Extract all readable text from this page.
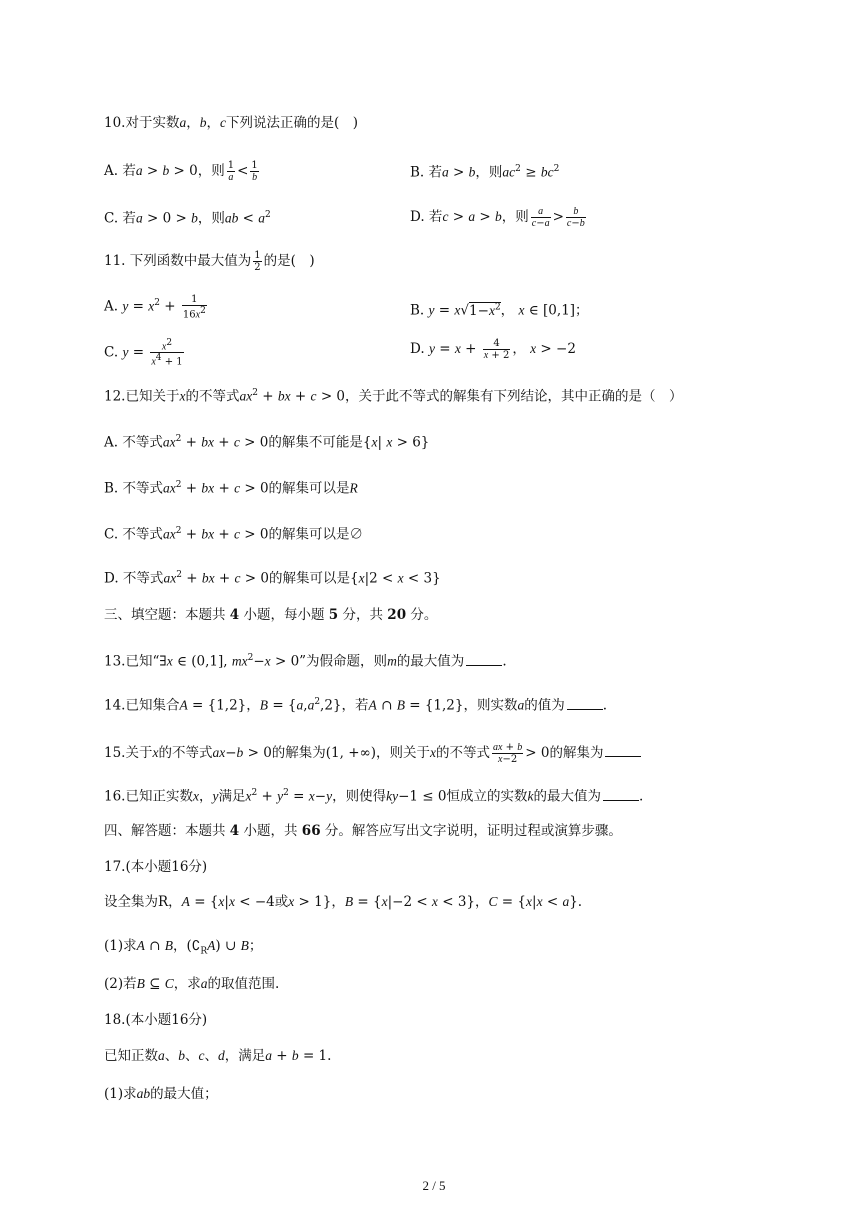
10.对于实数a，b，c下列说法正确的是(　)
A. 若a > b > 0，则 $\frac{1}{a} < \frac{1}{b}$	B. 若a > b，则$ac^2 \ge bc^2$
C. 若a > 0 > b，则ab < $a^2$	D. 若c > a > b，则 $\frac{a}{c-a} > \frac{b}{c-b}$
11. 下列函数中最大值为 $\frac{1}{2}$ 的是(　)
A. $y = x^2 + \frac{1}{16x^2}$	B. $y = x√1-x^2$， x ∈ [0,1]；
C. $y = \frac{x^2}{x^4 + 1}$	D. $y = x + \frac{4}{x + 2}$ ， x > −2
12.已知关于x的不等式$ax^2$ + bx + c > 0，关于此不等式的解集有下列结论，其中正确的是（　）
A. 不等式$ax^2$ + bx + c > 0的解集不可能是{x| x > 6}
B. 不等式$ax^2$ + bx + c > 0的解集可以是R
C. 不等式$ax^2$ + bx + c > 0的解集可以是∅
D. 不等式$ax^2$ + bx + c > 0的解集可以是{x|2 < x < 3}
三、填空题：本题共 4 小题，每小题 5 分，共 20 分。
13.已知“∃x ∈ (0,1], $mx^2-x > 0$”为假命题，则m的最大值为	.
14.已知集合A = {1,2}，$B = \{a,a^2,2\}$，若A ∩ B = {1,2}，则实数a的值为	.
15.关于x的不等式ax−b > 0的解集为(1, +∞)，则关于x的不等式 $\frac{ax + b}{x-2} > 0$的解集为
16.已知正实数x，y满足$x^2 + y^2 = x-y$，则使得ky−1 ≤ 0恒成立的实数k的最大值为	.
四、解答题：本题共 4 小题，共 66 分。解答应写出文字说明，证明过程或演算步骤。
17.(本小题16分)
设全集为R，A = {x|x < −4或x > 1}，B = {x|−2 < x < 3}，C = {x|x < a}.
(1)求A ∩ B，$(∁_RA)$ ∪ B；
(2)若B ⊆ C，求a的取值范围.
18.(本小题16分)
已知正数a、b、c、d，满足a + b = 1.
(1)求ab的最大值；
2 / 5
